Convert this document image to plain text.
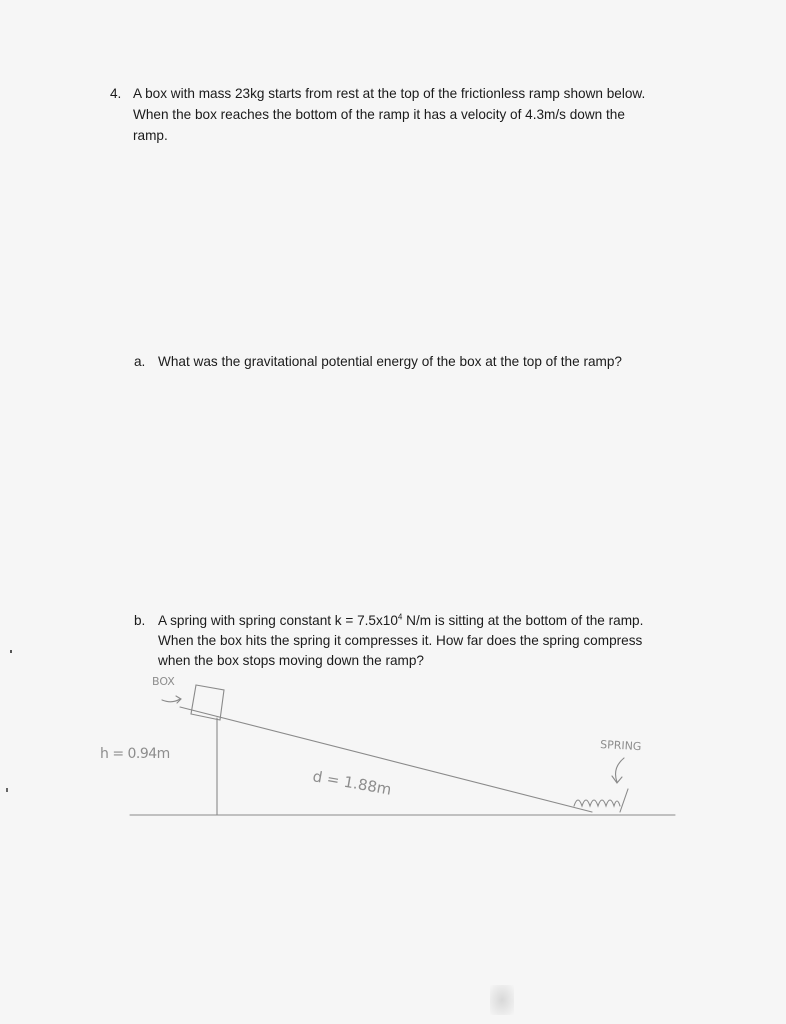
4. A box with mass 23kg starts from rest at the top of the frictionless ramp shown below.
When the box reaches the bottom of the ramp it has a velocity of 4.3m/s down the
ramp.
a. What was the gravitational potential energy of the box at the top of the ramp?
b. A spring with spring constant $k = 7.5x10^4$ N/m is sitting at the bottom of the ramp.
When the box hits the spring it compresses it. How far does the spring compress
when the box stops moving down the ramp?
BOX
h = 0.94m
d = 1.88m
SPRING
